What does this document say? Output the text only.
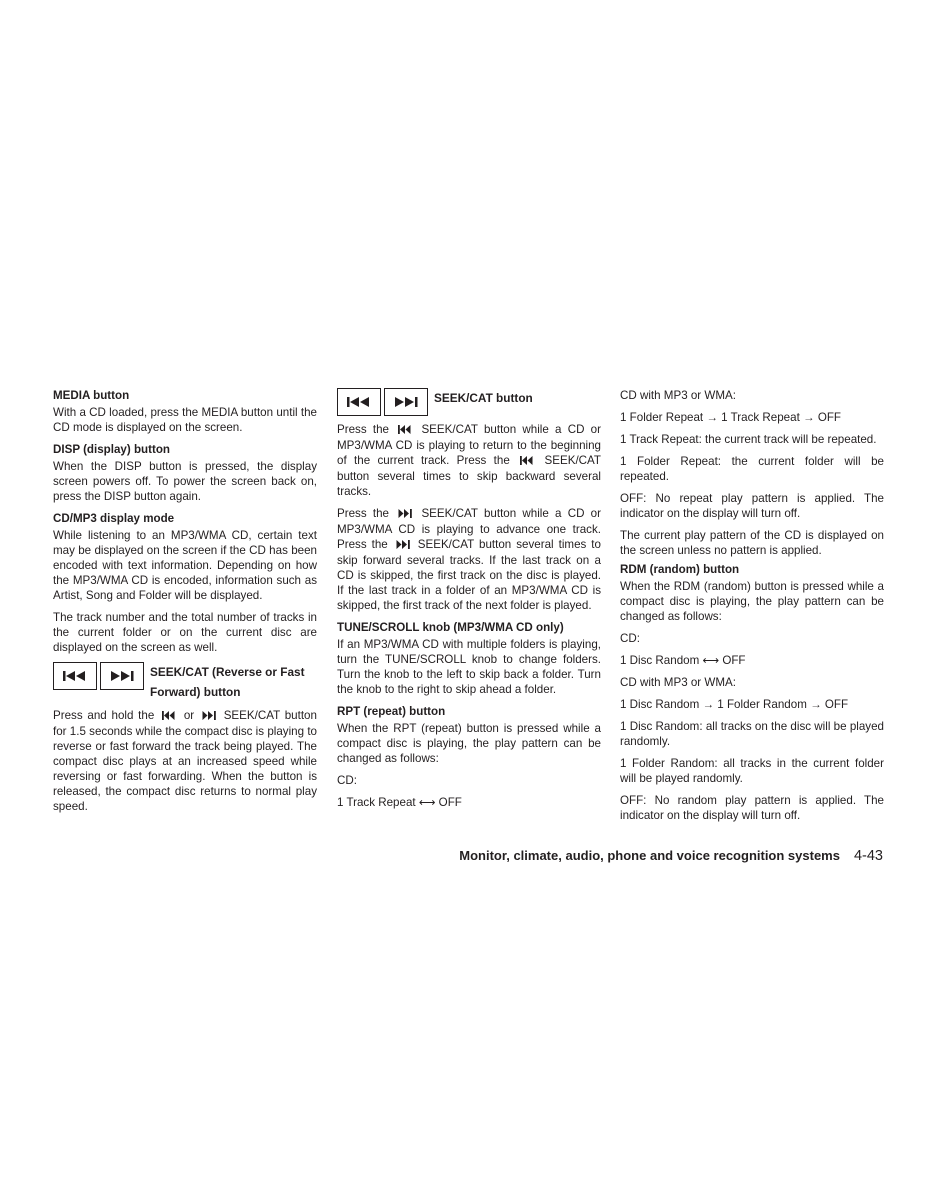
MEDIA button
With a CD loaded, press the MEDIA button until the CD mode is displayed on the screen.
DISP (display) button
When the DISP button is pressed, the display screen powers off. To power the screen back on, press the DISP button again.
CD/MP3 display mode
While listening to an MP3/WMA CD, certain text may be displayed on the screen if the CD has been encoded with text information. Depending on how the MP3/WMA CD is encoded, information such as Artist, Song and Folder will be displayed.
The track number and the total number of tracks in the current folder or on the current disc are displayed on the screen as well.
SEEK/CAT (Reverse or Fast Forward) button
Press and hold the	or	SEEK/CAT button for 1.5 seconds while the compact disc is playing to reverse or fast forward the track being played. The compact disc plays at an increased speed while reversing or fast forwarding. When the button is released, the compact disc returns to normal play speed.
SEEK/CAT button
Press the	SEEK/CAT button while a CD or MP3/WMA CD is playing to return to the beginning of the current track. Press the	SEEK/CAT button several times to skip backward several tracks.
Press the	SEEK/CAT button while a CD or MP3/WMA CD is playing to advance one track. Press the	SEEK/CAT button several times to skip forward several tracks. If the last track on a CD is skipped, the first track on the disc is played. If the last track in a folder of an MP3/WMA CD is skipped, the first track of the next folder is played.
TUNE/SCROLL knob (MP3/WMA CD only)
If an MP3/WMA CD with multiple folders is playing, turn the TUNE/SCROLL knob to change folders. Turn the knob to the left to skip back a folder. Turn the knob to the right to skip ahead a folder.
RPT (repeat) button
When the RPT (repeat) button is pressed while a compact disc is playing, the play pattern can be changed as follows:
CD:
1 Track Repeat ⟷ OFF
CD with MP3 or WMA:
1 Folder Repeat → 1 Track Repeat → OFF
1 Track Repeat: the current track will be repeated.
1 Folder Repeat: the current folder will be repeated.
OFF: No repeat play pattern is applied. The indicator on the display will turn off.
The current play pattern of the CD is displayed on the screen unless no pattern is applied.
RDM (random) button
When the RDM (random) button is pressed while a compact disc is playing, the play pattern can be changed as follows:
CD:
1 Disc Random ⟷ OFF
CD with MP3 or WMA:
1 Disc Random → 1 Folder Random → OFF
1 Disc Random: all tracks on the disc will be played randomly.
1 Folder Random: all tracks in the current folder will be played randomly.
OFF: No random play pattern is applied. The indicator on the display will turn off.
Monitor, climate, audio, phone and voice recognition systems 4-43
